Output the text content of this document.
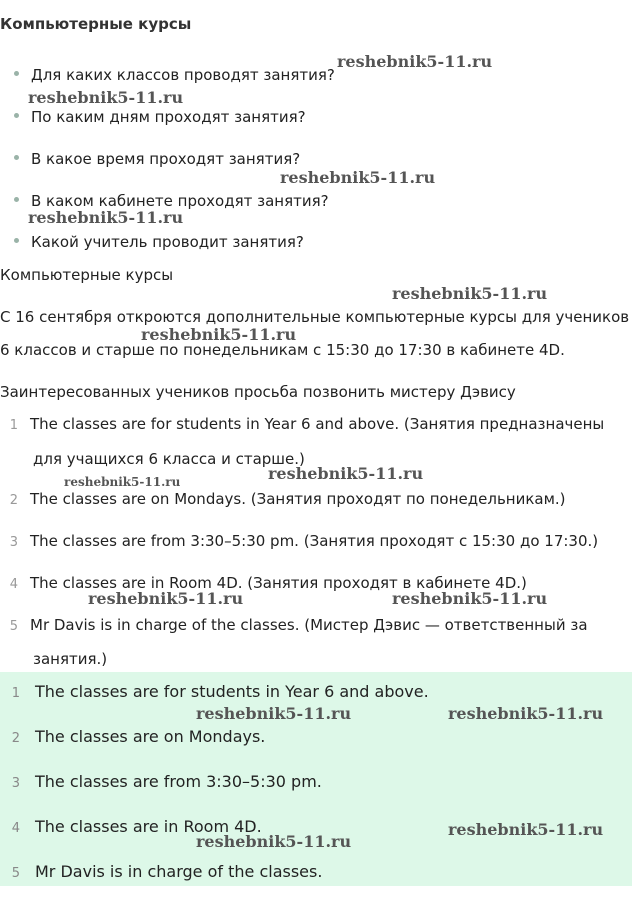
Компьютерные курсы
Для каких классов проводят занятия?
По каким дням проходят занятия?
В какое время проходят занятия?
В каком кабинете проходят занятия?
Какой учитель проводит занятия?
Компьютерные курсы
С 16 сентября откроются дополнительные компьютерные курсы для учеников
6 классов и старше по понедельникам с 15:30 до 17:30 в кабинете 4D.
Заинтересованных учеников просьба позвонить мистеру Дэвису
1 The classes are for students in Year 6 and above. (Занятия предназначены
для учащихся 6 класса и старше.)
2 The classes are on Mondays. (Занятия проходят по понедельникам.)
3 The classes are from 3:30–5:30 pm. (Занятия проходят с 15:30 до 17:30.)
4 The classes are in Room 4D. (Занятия проходят в кабинете 4D.)
5 Mr Davis is in charge of the classes. (Мистер Дэвис — ответственный за
занятия.)
1 The classes are for students in Year 6 and above.
2 The classes are on Mondays.
3 The classes are from 3:30–5:30 pm.
4 The classes are in Room 4D.
5 Mr Davis is in charge of the classes.
reshebnik5-11.ru
reshebnik5-11.ru
reshebnik5-11.ru
reshebnik5-11.ru
reshebnik5-11.ru
reshebnik5-11.ru
reshebnik5-11.ru
reshebnik5-11.ru
reshebnik5-11.ru	reshebnik5-11.ru
reshebnik5-11.ru	reshebnik5-11.ru
reshebnik5-11.ru
reshebnik5-11.ru
